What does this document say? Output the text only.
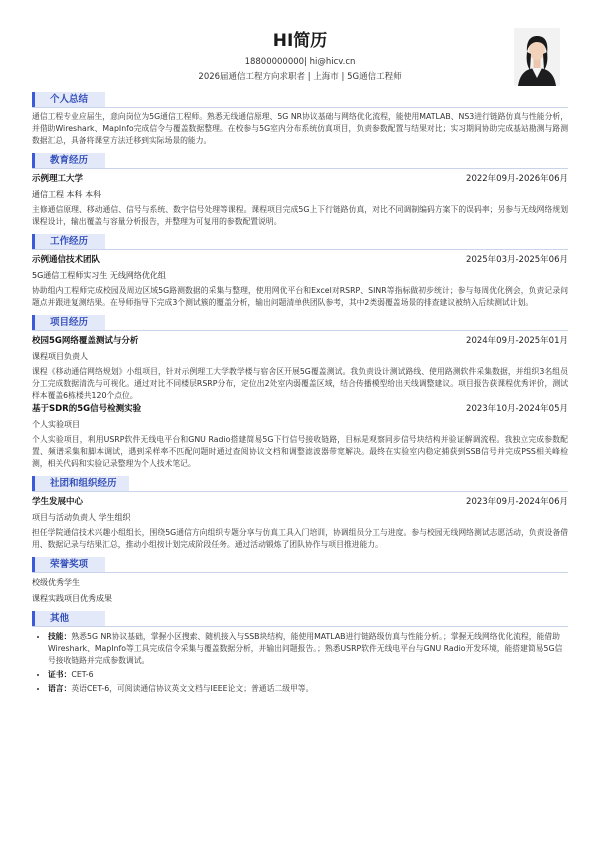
HI简历
18800000000| hi@hicv.cn
2026届通信工程方向求职者 | 上海市 | 5G通信工程师
个人总结
通信工程专业应届生，意向岗位为5G通信工程师。熟悉无线通信原理、5G NR协议基础与网络优化流程，能使用MATLAB、NS3进行链路仿真与性能分析，并借助Wireshark、MapInfo完成信令与覆盖数据整理。在校参与5G室内分布系统仿真项目，负责参数配置与结果对比；实习期间协助完成基站勘测与路测数据汇总，具备将课堂方法迁移到实际场景的能力。
教育经历
示例理工大学	2022年09月-2026年06月
通信工程 本科 本科
主修通信原理、移动通信、信号与系统、数字信号处理等课程。课程项目完成5G上下行链路仿真，对比不同调制编码方案下的误码率；另参与无线网络规划课程设计，输出覆盖与容量分析报告，并整理为可复用的参数配置说明。
工作经历
示例通信技术团队	2025年03月-2025年06月
5G通信工程师实习生 无线网络优化组
协助组内工程师完成校园及周边区域5G路测数据的采集与整理，使用网优平台和Excel对RSRP、SINR等指标做初步统计；参与每周优化例会，负责记录问题点并跟进复测结果。在导师指导下完成3个测试簇的覆盖分析，输出问题清单供团队参考，其中2类弱覆盖场景的排查建议被纳入后续测试计划。
项目经历
校园5G网络覆盖测试与分析	2024年09月-2025年01月
课程项目负责人
课程《移动通信网络规划》小组项目，针对示例理工大学教学楼与宿舍区开展5G覆盖测试。我负责设计测试路线、使用路测软件采集数据，并组织3名组员分工完成数据清洗与可视化。通过对比不同楼层RSRP分布，定位出2处室内弱覆盖区域，结合传播模型给出天线调整建议。项目报告获课程优秀评价，测试样本覆盖6栋楼共120个点位。
基于SDR的5G信号检测实验	2023年10月-2024年05月
个人实验项目
个人实验项目，利用USRP软件无线电平台和GNU Radio搭建简易5G下行信号接收链路，目标是观察同步信号块结构并验证解调流程。我独立完成参数配置、频谱采集和脚本调试，遇到采样率不匹配问题时通过查阅协议文档和调整滤波器带宽解决。最终在实验室内稳定捕获到SSB信号并完成PSS相关峰检测，相关代码和实验记录整理为个人技术笔记。
社团和组织经历
学生发展中心	2023年09月-2024年06月
项目与活动负责人 学生组织
担任学院通信技术兴趣小组组长，围绕5G通信方向组织专题分享与仿真工具入门培训，协调组员分工与进度。参与校园无线网络测试志愿活动，负责设备借用、数据记录与结果汇总，推动小组按计划完成阶段任务。通过活动锻炼了团队协作与项目推进能力。
荣誉奖项
校级优秀学生
课程实践项目优秀成果
其他
• 技能：熟悉5G NR协议基础，掌握小区搜索、随机接入与SSB块结构，能使用MATLAB进行链路级仿真与性能分析。；掌握无线网络优化流程，能借助Wireshark、MapInfo等工具完成信令采集与覆盖数据分析，并输出问题报告。；熟悉USRP软件无线电平台与GNU Radio开发环境，能搭建简易5G信号接收链路并完成参数调试。
• 证书：CET-6
• 语言：英语CET-6，可阅读通信协议英文文档与IEEE论文；普通话二级甲等。
